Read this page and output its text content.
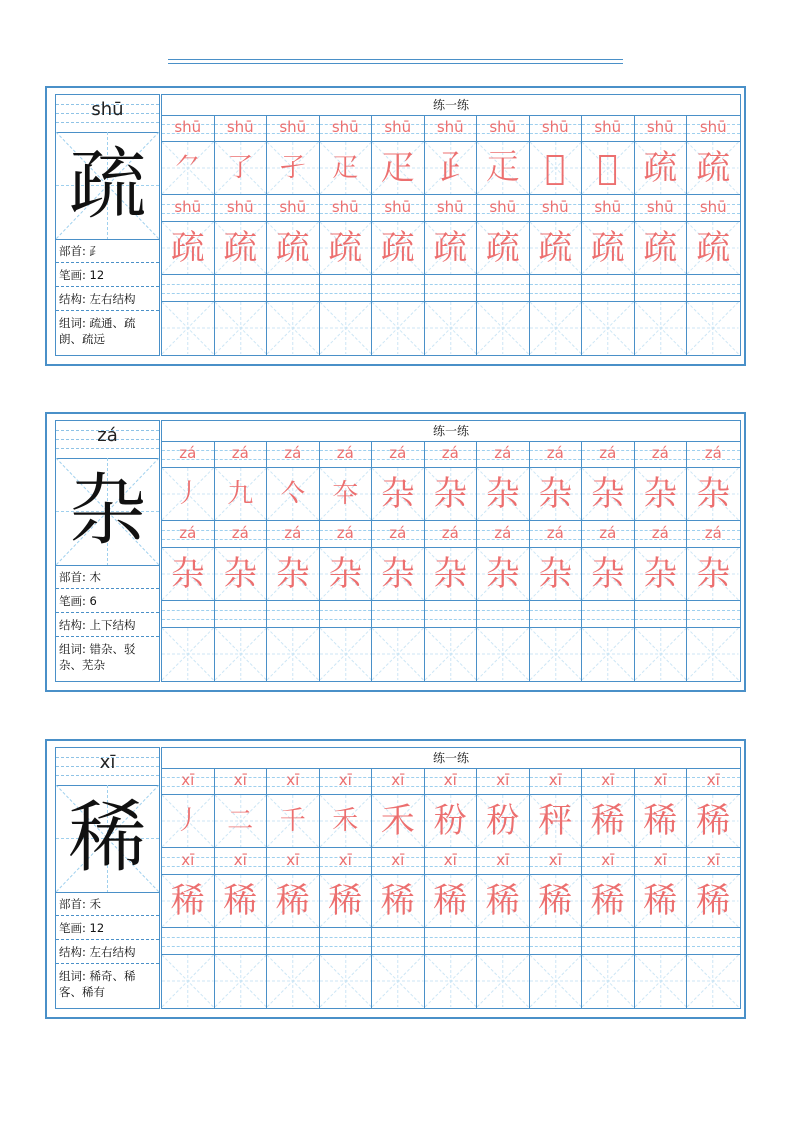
shū
疏
部首: ⺪
笔画: 12
结构: 左右结构
组词: 疏通、疏朗、疏远
练一练
shū	shū	shū	shū	shū	shū	shū	shū	shū	shū	shū
⺈	了	孑	疋 疋 𤴔 𤴕 𤴘 𤴚 疏 疏
shū	shū	shū	shū	shū	shū	shū	shū	shū	shū	shū
疏 疏 疏 疏 疏 疏 疏 疏 疏 疏 疏
zá
杂
部首: 木
笔画: 6
结构: 上下结构
组词: 错杂、驳杂、芜杂
练一练
zá	zá	zá	zá	zá	zá	zá	zá	zá	zá	zá
丿	九	亽	夲 杂 杂 杂 杂 杂 杂 杂
zá	zá	zá	zá	zá	zá	zá	zá	zá	zá	zá
杂 杂 杂 杂 杂 杂 杂 杂 杂 杂 杂
xī
稀
部首: 禾
笔画: 12
结构: 左右结构
组词: 稀奇、稀客、稀有
练一练
xī	xī	xī	xī	xī	xī	xī	xī	xī	xī	xī
丿	二	千	禾 禾 秎 秎 秤 稀 稀 稀
xī	xī	xī	xī	xī	xī	xī	xī	xī	xī	xī
稀 稀 稀 稀 稀 稀 稀 稀 稀 稀 稀
